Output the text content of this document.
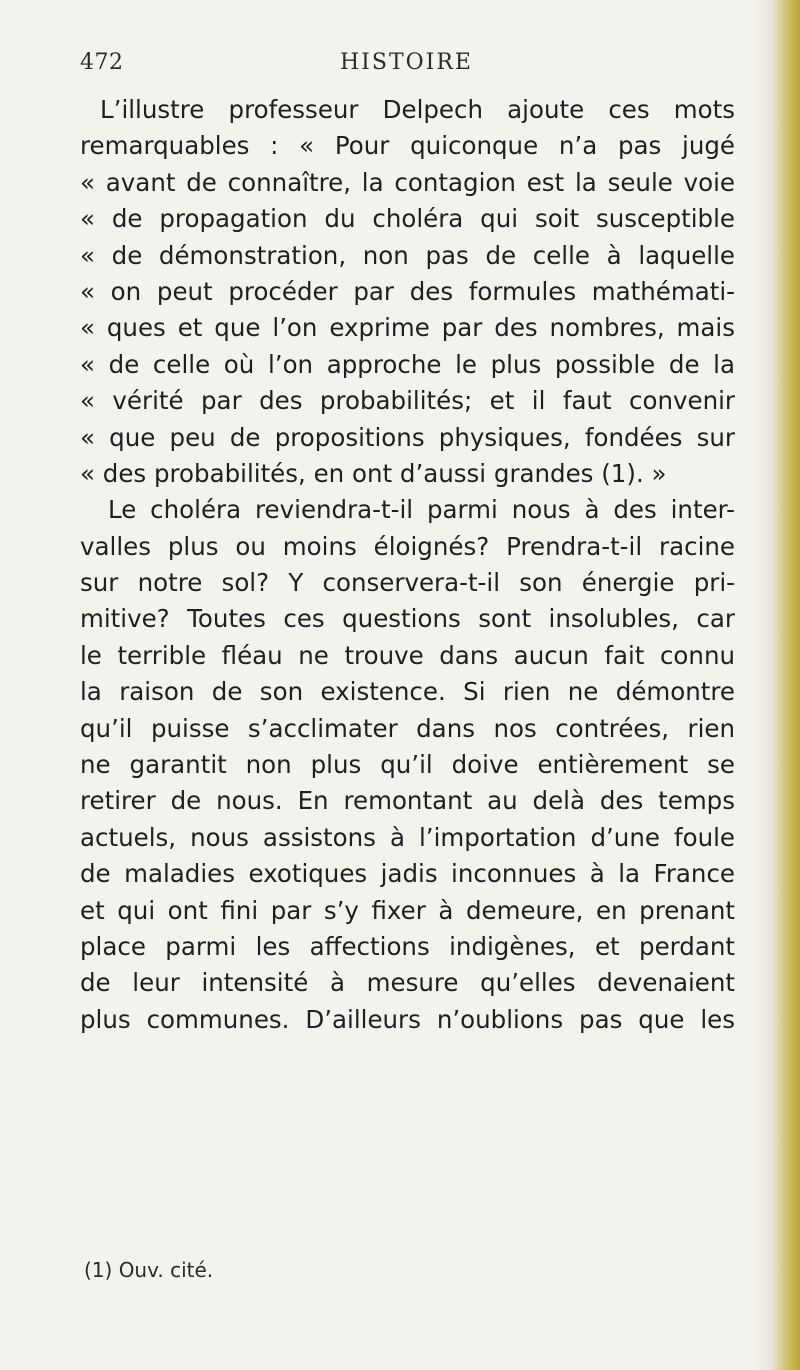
472	HISTOIRE
L’illustre professeur Delpech ajoute ces mots
remarquables : « Pour quiconque n’a pas jugé
« avant de connaître, la contagion est la seule voie
« de propagation du choléra qui soit susceptible
« de démonstration, non pas de celle à laquelle
« on peut procéder par des formules mathémati-
« ques et que l’on exprime par des nombres, mais
« de celle où l’on approche le plus possible de la
« vérité par des probabilités; et il faut convenir
« que peu de propositions physiques, fondées sur
« des probabilités, en ont d’aussi grandes (1). »
Le choléra reviendra-t-il parmi nous à des inter-
valles plus ou moins éloignés? Prendra-t-il racine
sur notre sol? Y conservera-t-il son énergie pri-
mitive? Toutes ces questions sont insolubles, car
le terrible fléau ne trouve dans aucun fait connu
la raison de son existence. Si rien ne démontre
qu’il puisse s’acclimater dans nos contrées, rien
ne garantit non plus qu’il doive entièrement se
retirer de nous. En remontant au delà des temps
actuels, nous assistons à l’importation d’une foule
de maladies exotiques jadis inconnues à la France
et qui ont fini par s’y fixer à demeure, en prenant
place parmi les affections indigènes, et perdant
de leur intensité à mesure qu’elles devenaient
plus communes. D’ailleurs n’oublions pas que les
(1) Ouv. cité.
